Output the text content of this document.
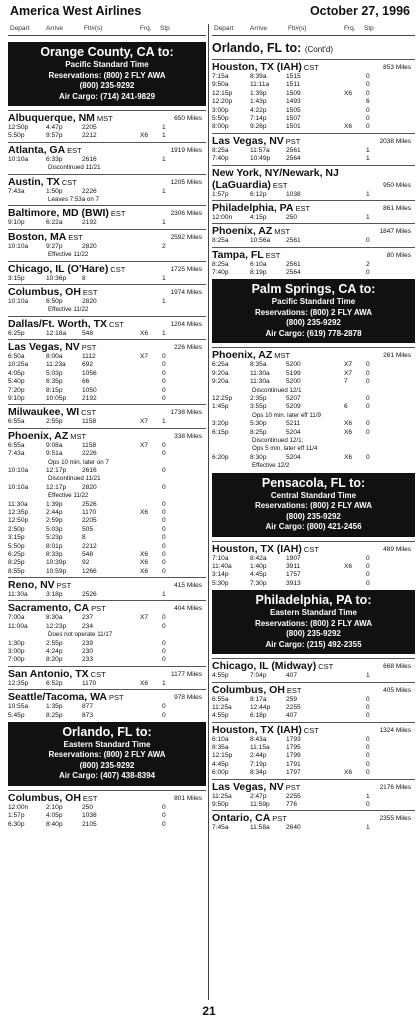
America West Airlines	October 27, 1996
Depart	Arrive	Flt#(s)	Frq. Stp	Depart	Arrive	Flt#(s)	Frq. Stp
Orange County, CA to:
Pacific Standard Time
Reservations: (800) 2 FLY AWA
(800) 235-9292
Air Cargo: (714) 241-9829
Albuquerque, NM MST	650 Miles
12:50p	4:47p	2205	1
5:50p	9:57p	2212	X6 1
Atlanta, GA EST	1919 Miles
10:10a	6:33p	2616	1
Discontinued 11/21
Austin, TX CST	1205 Miles
7:43a	1:50p	2226	1
Leaves 7:53a on 7
Baltimore, MD (BWI) EST	2306 Miles
9:10p	6:22a	2192	1
Boston, MA EST	2592 Miles
10:10a	9:27p	2820	2
Effective 11/22
Chicago, IL (O'Hare) CST	1725 Miles
3:15p	10:36p 8	1
Columbus, OH EST	1974 Miles
10:10a	6:50p	2820	1
Effective 11/22
Dallas/Ft. Worth, TX CST	1204 Miles
6:25p	12:18a 548	X6 1
Las Vegas, NV PST	226 Miles
6:50a	8:00a	1112	X7 0
10:25a	11:23a 692	0
4:05p	5:03p	1056	0
5:40p	6:35p	66	0
7:20p	8:15p	1050	0
9:10p	10:05p 2192	0
Milwaukee, WI CST	1738 Miles
6:55a	2:55p	1158	X7 1
Phoenix, AZ MST	338 Miles
6:55a	9:08a	1158	X7 0
7:43a	9:51a	2226	0
Ops 10 min. later on 7
10:10a	12:17p 2616	0
Discontinued 11/21
10:10a	12:17p 2820	0
Effective 11/22
11:30a	1:39p	2526	0
12:35p	2:44p	1170	X6 0
12:50p	2:59p	2205	0
2:50p	5:03p	505	0
3:15p	5:23p	8	0
5:50p	8:01p	2212	0
6:25p	8:33p	548	X6 0
8:25p	10:39p 92	X6 0
8:55p	10:59p 1266	X6 0
Reno, NV PST	415 Miles
11:30a	3:18p	2526	1
Sacramento, CA PST	404 Miles
7:00a	8:30a	237	X7 0
11:00a	12:23p 234	0
Does not operate 11/17
1:30p	2:55p	239	0
3:00p	4:24p	230	0
7:00p	8:20p	233	0
San Antonio, TX CST	1177 Miles
12:35p	6:52p	1170	X6 1
Seattle/Tacoma, WA PST	978 Miles
10:55a	1:35p	877	0
5:45p	8:25p	873	0
Orlando, FL to:
Eastern Standard Time
Reservations: (800) 2 FLY AWA
(800) 235-9292
Air Cargo: (407) 438-8394
Columbus, OH EST	801 Miles
12:00n	2:10p	250	0
1:57p	4:05p	1038	0
6:30p	8:40p	2105	0
Orlando, FL to: (Cont'd)
Houston, TX (IAH) CST	853 Miles
7:15a	8:39a	1515	0
9:50a	11:11a	1511	0
12:15p	1:39p	1509	X6 0
12:20p	1:43p	1493	6
3:00p	4:22p	1505	0
5:50p	7:14p	1507	0
8:00p	9:26p	1501	X6 0
Las Vegas, NV PST	2038 Miles
8:25a	11:57a 2561	1
7:40p	10:49p 2564	1
New York, NY/Newark, NJ
(LaGuardia) EST	950 Miles
1:57p	6:12p	1038	1
Philadelphia, PA EST	861 Miles
12:00n	4:15p	250	1
Phoenix, AZ MST	1847 Miles
8:25a	10:56a 2561	0
Tampa, FL EST	80 Miles
8:25a	6:10a	2561	2
7:40p	8:19p	2564	0
Palm Springs, CA to:
Pacific Standard Time
Reservations: (800) 2 FLY AWA
(800) 235-9292
Air Cargo: (619) 778-2878
Phoenix, AZ MST	261 Miles
6:25a	8:35a	5200	X7 0
9:20a	11:30a 5199	X7 0
9:20a	11:30a 5200	7	0
Discontinued 12/1
12:25p	2:35p	5207	0
1:45p	3:55p	5209	6	0
Ops 10 min. later eff 11/9
3:20p	5:30p	5211	X6 0
6:15p	8:25p	5204	X6 0
Discontinued 12/1;
Ops 5 min. later eff 11/4
6:20p	8:30p	5204	X6 0
Effective 12/2
Pensacola, FL to:
Central Standard Time
Reservations: (800) 2 FLY AWA
(800) 235-9292
Air Cargo: (800) 421-2456
Houston, TX (IAH) CST	489 Miles
7:10a	8:42a	1907	0
11:40a	1:40p	3911	X6 0
3:14p	4:45p	1757	0
5:30p	7:30p	3913	0
Philadelphia, PA to:
Eastern Standard Time
Reservations: (800) 2 FLY AWA
(800) 235-9292
Air Cargo: (215) 492-2355
Chicago, IL (Midway) CST	668 Miles
4:55p	7:04p	407	1
Columbus, OH EST	405 Miles
6:55a	8:17a	259	0
11:25a	12:44p 2255	0
4:55p	6:18p	407	0
Houston, TX (IAH) CST	1324 Miles
6:10a	8:43a	1793	0
8:35a	11:15a 1795	0
12:15p	2:44p	1799	0
4:45p	7:19p	1791	0
6:00p	8:34p	1797	X6 0
Las Vegas, NV PST	2176 Miles
11:25a	2:47p	2255	1
9:50p	11:59p 776	0
Ontario, CA PST	2355 Miles
7:45a	11:58a 2640	1
21
